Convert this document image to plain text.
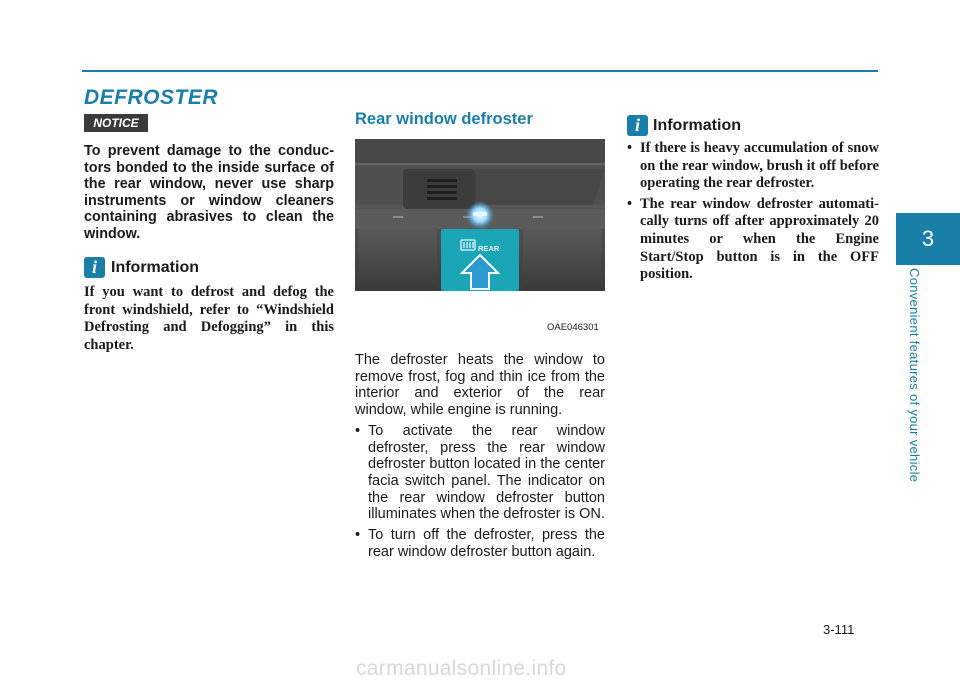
DEFROSTER
NOTICE
To prevent damage to the conductors bonded to the inside surface of the rear window, never use sharp instruments or window cleaners containing abrasives to clean the window.
i Information
If you want to defrost and defog the front windshield, refer to “Windshield Defrosting and Defogging” in this chapter.
Rear window defroster
REAR
OAE046301
The defroster heats the window to remove frost, fog and thin ice from the interior and exterior of the rear window, while engine is running.
• To activate the rear window defroster, press the rear window defroster button located in the center facia switch panel. The indicator on the rear window defroster button illuminates when the defroster is ON.
• To turn off the defroster, press the rear window defroster button again.
i Information
• If there is heavy accumulation of snow on the rear window, brush it off before operating the rear defroster.
• The rear window defroster automatically turns off after approximately 20 minutes or when the Engine Start/Stop button is in the OFF position.
3
Convenient features of your vehicle
3-111
carmanualsonline.info
